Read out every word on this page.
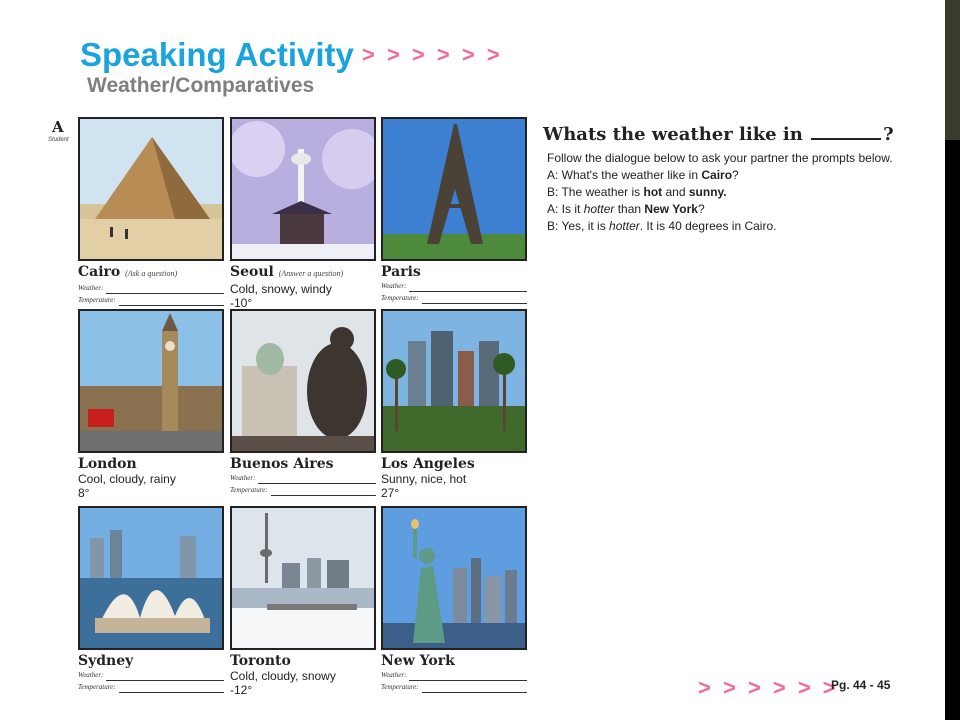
Speaking Activity > > > > > >
Weather/Comparatives
A
Student
Cairo (Ask a question)
Weather:
Temperature:
Seoul (Answer a question)
Cold, snowy, windy
-10°
Paris
Weather:
Temperature:
London
Cool, cloudy, rainy
8°
Buenos Aires
Weather:
Temperature:
Los Angeles
Sunny, nice, hot
27°
Sydney
Weather:
Temperature:
Toronto
Cold, cloudy, snowy
-12°
New York
Weather:
Temperature:
Whats the weather like in	?
Follow the dialogue below to ask your partner the prompts below.
A: What's the weather like in Cairo?
B: The weather is hot and sunny.
A: Is it hotter than New York?
B: Yes, it is hotter. It is 40 degrees in Cairo.
> > > > > >
Pg. 44 - 45
